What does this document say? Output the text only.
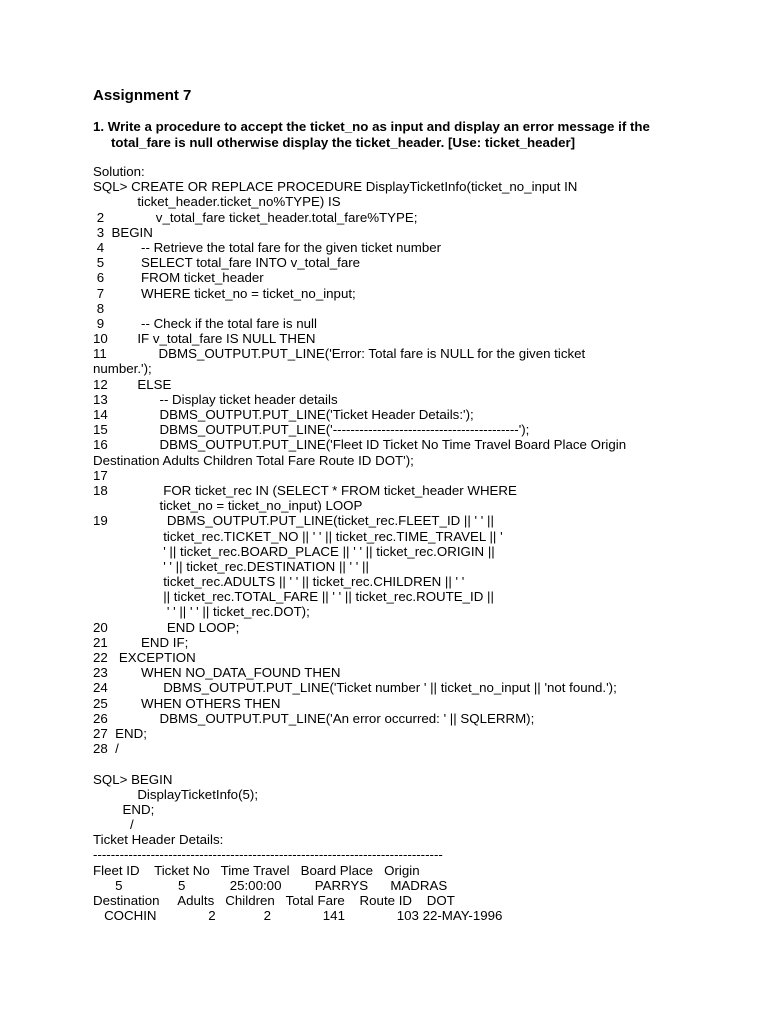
Assignment 7
1. Write a procedure to accept the ticket_no as input and display an error message if the
total_fare is null otherwise display the ticket_header. [Use: ticket_header]
Solution:
SQL> CREATE OR REPLACE PROCEDURE DisplayTicketInfo(ticket_no_input IN
ticket_header.ticket_no%TYPE) IS
2              v_total_fare ticket_header.total_fare%TYPE;
3  BEGIN
4          -- Retrieve the total fare for the given ticket number
5          SELECT total_fare INTO v_total_fare
6          FROM ticket_header
7          WHERE ticket_no = ticket_no_input;
8
9          -- Check if the total fare is null
10        IF v_total_fare IS NULL THEN
11              DBMS_OUTPUT.PUT_LINE('Error: Total fare is NULL for the given ticket
number.');
12        ELSE
13              -- Display ticket header details
14              DBMS_OUTPUT.PUT_LINE('Ticket Header Details:');
15              DBMS_OUTPUT.PUT_LINE('------------------------------------------');
16              DBMS_OUTPUT.PUT_LINE('Fleet ID Ticket No Time Travel Board Place Origin
Destination Adults Children Total Fare Route ID DOT');
17
18               FOR ticket_rec IN (SELECT * FROM ticket_header WHERE
ticket_no = ticket_no_input) LOOP
19                DBMS_OUTPUT.PUT_LINE(ticket_rec.FLEET_ID || ' ' ||
ticket_rec.TICKET_NO || ' ' || ticket_rec.TIME_TRAVEL || '
' || ticket_rec.BOARD_PLACE || ' ' || ticket_rec.ORIGIN ||
' ' || ticket_rec.DESTINATION || ' ' ||
ticket_rec.ADULTS || ' ' || ticket_rec.CHILDREN || ' '
|| ticket_rec.TOTAL_FARE || ' ' || ticket_rec.ROUTE_ID ||
' ' || ' ' || ticket_rec.DOT);
20                END LOOP;
21         END IF;
22   EXCEPTION
23         WHEN NO_DATA_FOUND THEN
24               DBMS_OUTPUT.PUT_LINE('Ticket number ' || ticket_no_input || 'not found.');
25         WHEN OTHERS THEN
26              DBMS_OUTPUT.PUT_LINE('An error occurred: ' || SQLERRM);
27  END;
28  /
SQL> BEGIN
DisplayTicketInfo(5);
END;
/
Ticket Header Details:
-------------------------------------------------------------------------------
Fleet ID    Ticket No   Time Travel   Board Place   Origin
5               5            25:00:00         PARRYS      MADRAS
Destination     Adults   Children   Total Fare    Route ID    DOT
COCHIN              2             2              141              103 22-MAY-1996
